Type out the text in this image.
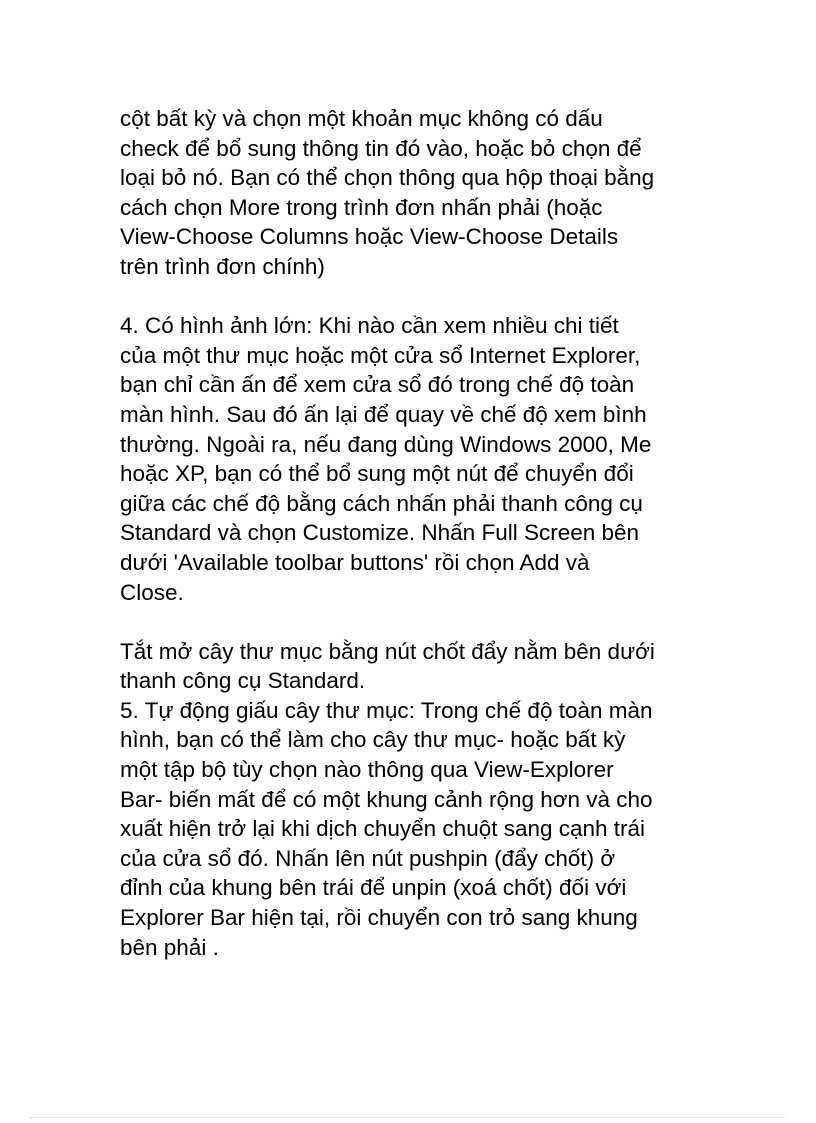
cột bất kỳ và chọn một khoản mục không có dấu
check để bổ sung thông tin đó vào, hoặc bỏ chọn để
loại bỏ nó. Bạn có thể chọn thông qua hộp thoại bằng
cách chọn More trong trình đơn nhấn phải (hoặc
View-Choose Columns hoặc View-Choose Details
trên trình đơn chính)
4. Có hình ảnh lớn: Khi nào cần xem nhiều chi tiết
của một thư mục hoặc một cửa sổ Internet Explorer,
bạn chỉ cần ấn để xem cửa sổ đó trong chế độ toàn
màn hình. Sau đó ấn lại để quay về chế độ xem bình
thường. Ngoài ra, nếu đang dùng Windows 2000, Me
hoặc XP, bạn có thể bổ sung một nút để chuyển đổi
giữa các chế độ bằng cách nhấn phải thanh công cụ
Standard và chọn Customize. Nhấn Full Screen bên
dưới 'Available toolbar buttons' rồi chọn Add và
Close.
Tắt mở cây thư mục bằng nút chốt đẩy nằm bên dưới
thanh công cụ Standard.
5. Tự động giấu cây thư mục: Trong chế độ toàn màn
hình, bạn có thể làm cho cây thư mục- hoặc bất kỳ
một tập bộ tùy chọn nào thông qua View-Explorer
Bar- biến mất để có một khung cảnh rộng hơn và cho
xuất hiện trở lại khi dịch chuyển chuột sang cạnh trái
của cửa sổ đó. Nhấn lên nút pushpin (đẩy chốt) ở
đỉnh của khung bên trái để unpin (xoá chốt) đối với
Explorer Bar hiện tại, rồi chuyển con trỏ sang khung
bên phải .
